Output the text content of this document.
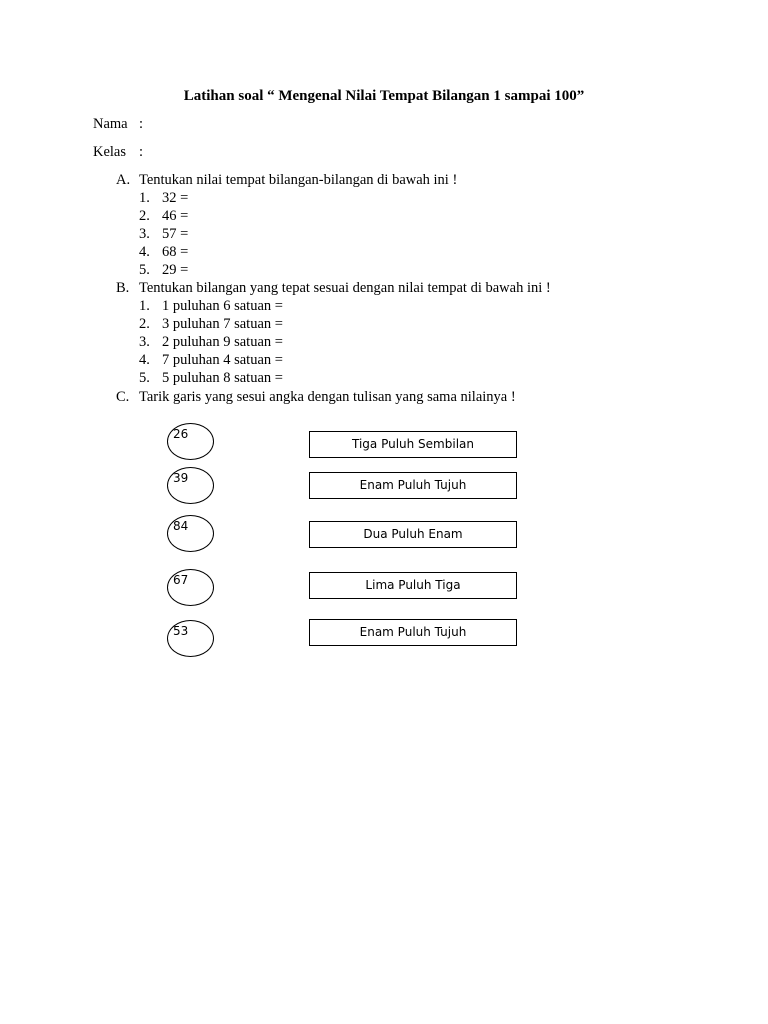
Latihan soal “ Mengenal Nilai Tempat Bilangan 1 sampai 100”
Nama :
Kelas :
A. Tentukan nilai tempat bilangan-bilangan di bawah ini !
1. 32 =
2. 46 =
3. 57 =
4. 68 =
5. 29 =
B. Tentukan bilangan yang tepat sesuai dengan nilai tempat di bawah ini !
1. 1 puluhan 6 satuan =
2. 3 puluhan 7 satuan =
3. 2 puluhan 9 satuan =
4. 7 puluhan 4 satuan =
5. 5 puluhan 8 satuan =
C. Tarik garis yang sesui angka dengan tulisan yang sama nilainya !
26
39
84
67
53
Tiga Puluh Sembilan
Enam Puluh Tujuh
Dua Puluh Enam
Lima Puluh Tiga
Enam Puluh Tujuh
